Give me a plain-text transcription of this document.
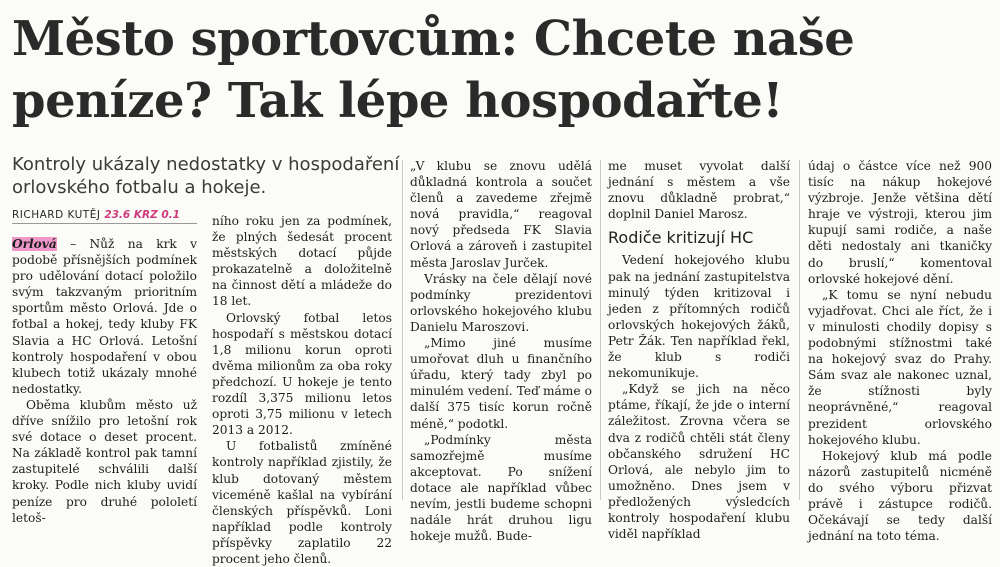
Město sportovcům: Chcete naše
peníze? Tak lépe hospodařte!
Kontroly ukázaly nedostatky v hospodaření orlovského fotbalu a hokeje.
RICHARD KUTĚJ 23.6 KRZ 0.1

Orlová – Nůž na krk v podobě přísnějších podmínek pro udělování dotací položilo svým takzvaným prioritním sportům město Orlová. Jde o fotbal a hokej, tedy kluby FK Slavia a HC Orlová. Letošní kontroly hospodaření v obou klubech totiž ukázaly mnohé nedostatky.

Oběma klubům město už dříve snížilo pro letošní rok své dotace o deset procent. Na základě kontrol pak tamní zastupitelé schválili další kroky. Podle nich kluby uvidí peníze pro druhé pololetí letoš-

ního roku jen za podmínek, že plných šedesát procent městských dotací půjde prokazatelně a doložitelně na činnost dětí a mládeže do 18 let.

Orlovský fotbal letos hospodaří s městskou dotací 1,8 milionu korun oproti dvěma milionům za oba roky předchozí. U hokeje je tento rozdíl 3,375 milionu letos oproti 3,75 milionu v letech 2013 a 2012.

U fotbalistů zmíněné kontroly například zjistily, že klub dotovaný městem viceméně kašlal na vybírání členských příspěvků. Loni například podle kontroly příspěvky zaplatilo 22 procent jeho členů.

„V klubu se znovu udělá důkladná kontrola a součet členů a zavedeme zřejmě nová pravidla,“ reagoval nový předseda FK Slavia Orlová a zároveň i zastupitel města Jaroslav Jurček.

Vrásky na čele dělají nové podmínky prezidentovi orlovského hokejového klubu Danielu Maroszovi.

„Mimo jiné musíme umořovat dluh u finančního úřadu, který tady zbyl po minulém vedení. Teď máme o další 375 tisíc korun ročně méně,“ podotkl.

„Podmínky města samozřejmě musíme akceptovat. Po snížení dotace ale například vůbec nevím, jestli budeme schopni nadále hrát druhou ligu hokeje mužů. Bude-

me muset vyvolat další jednání s městem a vše znovu důkladně probrat,“ doplnil Daniel Marosz.

Rodiče kritizují HC

Vedení hokejového klubu pak na jednání zastupitelstva minulý týden kritizoval i jeden z přítomných rodičů orlovských hokejových žáků, Petr Žák. Ten například řekl, že klub s rodiči nekomunikuje.

„Když se jich na něco ptáme, říkají, že jde o interní záležitost. Zrovna včera se dva z rodičů chtěli stát členy občanského sdružení HC Orlová, ale nebylo jim to umožněno. Dnes jsem v předložených výsledcích kontroly hospodaření klubu viděl například

údaj o částce více než 900 tisíc na nákup hokejové výzbroje. Jenže většina dětí hraje ve výstroji, kterou jim kupují sami rodiče, a naše děti nedostaly ani tkaničky do bruslí,“ komentoval orlovské hokejové dění.

„K tomu se nyní nebudu vyjadřovat. Chci ale říct, že i v minulosti chodily dopisy s podobnými stížnostmi také na hokejový svaz do Prahy. Sám svaz ale nakonec uznal, že stížnosti byly neoprávněné,“ reagoval prezident orlovského hokejového klubu.

Hokejový klub má podle názorů zastupitelů nicméně do svého výboru přizvat právě i zástupce rodičů. Očekávají se tedy další jednání na toto téma.
